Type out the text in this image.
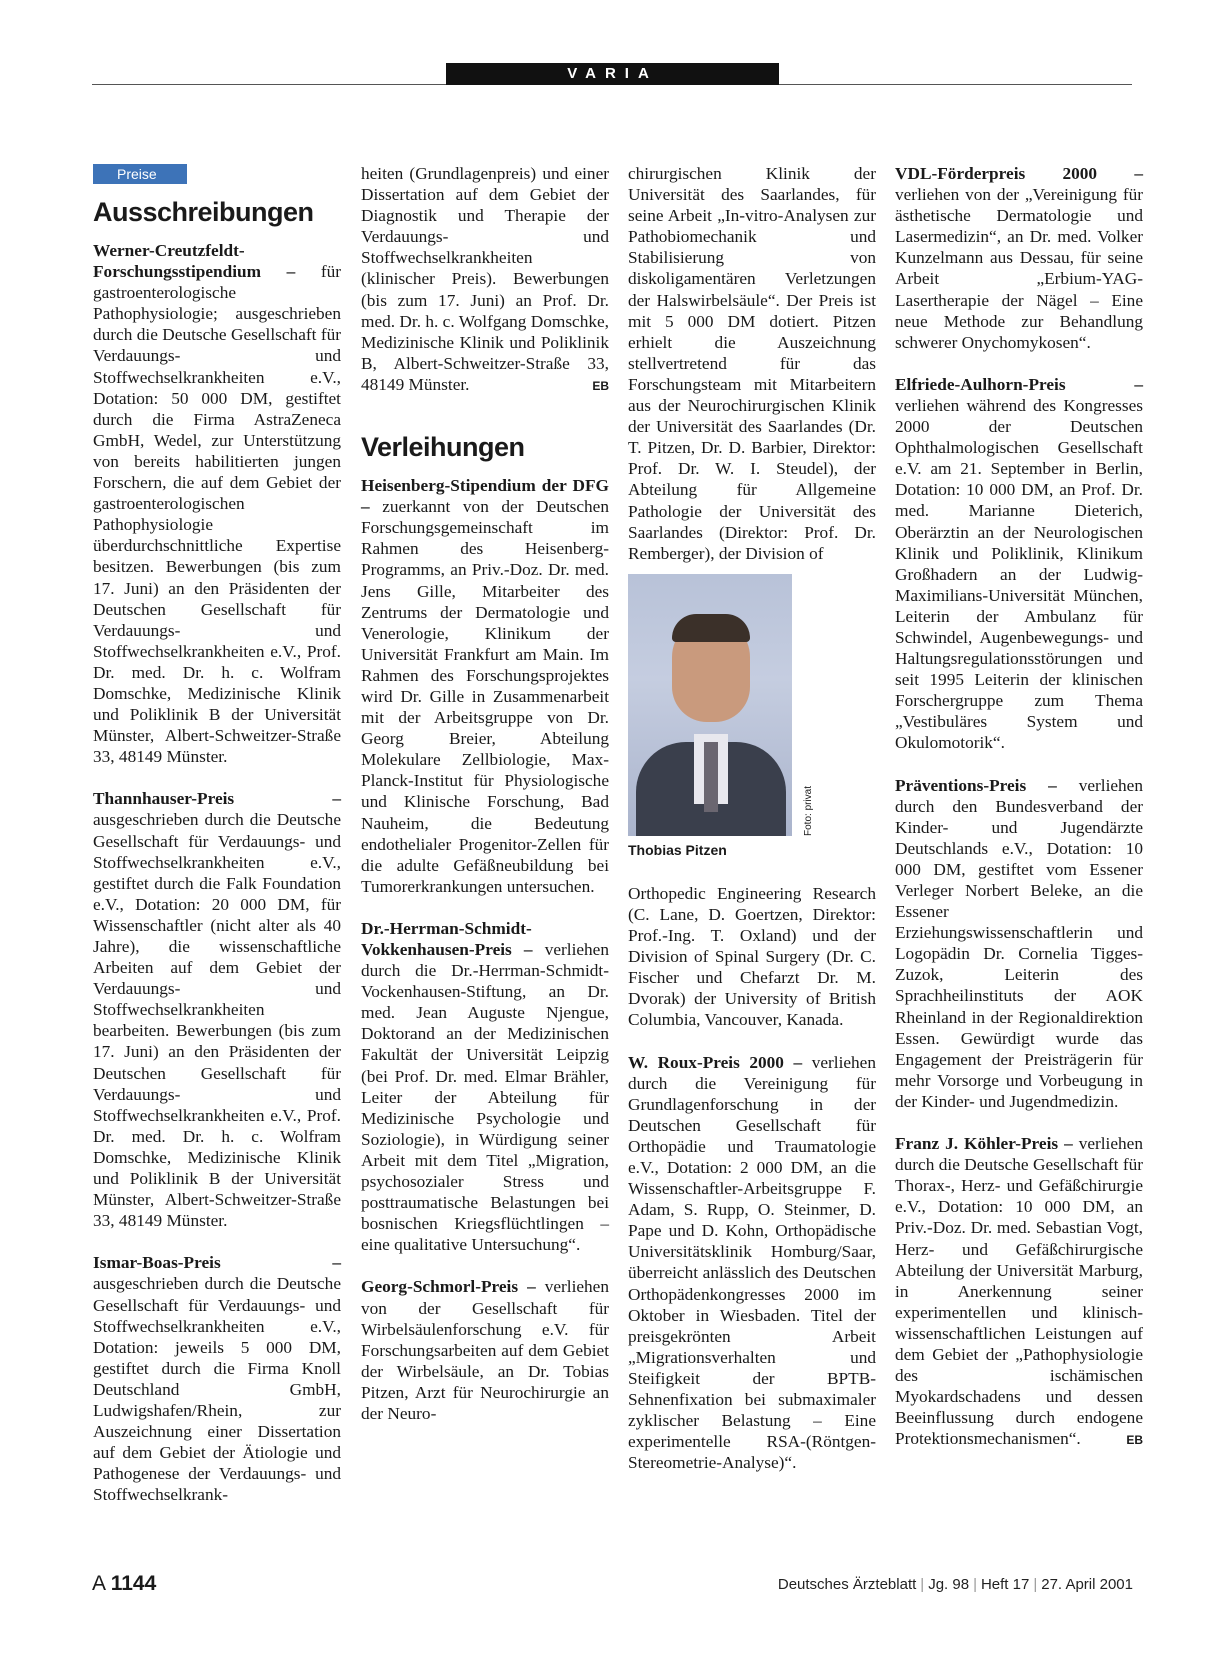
VARIA
Preise
Ausschreibungen

Werner-Creutzfeldt-Forschungsstipendium – für gastroenterologische Pathophysiologie; ausgeschrieben durch die Deutsche Gesellschaft für Verdauungs- und Stoffwechselkrankheiten e.V., Dotation: 50 000 DM, gestiftet durch die Firma AstraZeneca GmbH, Wedel, zur Unterstützung von bereits habilitierten jungen Forschern, die auf dem Gebiet der gastroenterologischen Pathophysiologie überdurchschnittliche Expertise besitzen. Bewerbungen (bis zum 17. Juni) an den Präsidenten der Deutschen Gesellschaft für Verdauungs- und Stoffwechselkrankheiten e.V., Prof. Dr. med. Dr. h. c. Wolfram Domschke, Medizinische Klinik und Poliklinik B der Universität Münster, Albert-Schweitzer-Straße 33, 48149 Münster.

Thannhauser-Preis – ausgeschrieben durch die Deutsche Gesellschaft für Verdauungs- und Stoffwechselkrankheiten e.V., gestiftet durch die Falk Foundation e.V., Dotation: 20 000 DM, für Wissenschaftler (nicht alter als 40 Jahre), die wissenschaftliche Arbeiten auf dem Gebiet der Verdauungs- und Stoffwechselkrankheiten bearbeiten. Bewerbungen (bis zum 17. Juni) an den Präsidenten der Deutschen Gesellschaft für Verdauungs- und Stoffwechselkrankheiten e.V., Prof. Dr. med. Dr. h. c. Wolfram Domschke, Medizinische Klinik und Poliklinik B der Universität Münster, Albert-Schweitzer-Straße 33, 48149 Münster.

Ismar-Boas-Preis – ausgeschrieben durch die Deutsche Gesellschaft für Verdauungs- und Stoffwechselkrankheiten e.V., Dotation: jeweils 5 000 DM, gestiftet durch die Firma Knoll Deutschland GmbH, Ludwigshafen/Rhein, zur Auszeichnung einer Dissertation auf dem Gebiet der Ätiologie und Pathogenese der Verdauungs- und Stoffwechselkrank-

heiten (Grundlagenpreis) und einer Dissertation auf dem Gebiet der Diagnostik und Therapie der Verdauungs- und Stoffwechselkrankheiten (klinischer Preis). Bewerbungen (bis zum 17. Juni) an Prof. Dr. med. Dr. h. c. Wolfgang Domschke, Medizinische Klinik und Poliklinik B, Albert-Schweitzer-Straße 33, 48149 Münster.	EB

Verleihungen

Heisenberg-Stipendium der DFG – zuerkannt von der Deutschen Forschungsgemeinschaft im Rahmen des Heisenberg-Programms, an Priv.-Doz. Dr. med. Jens Gille, Mitarbeiter des Zentrums der Dermatologie und Venerologie, Klinikum der Universität Frankfurt am Main. Im Rahmen des Forschungsprojektes wird Dr. Gille in Zusammenarbeit mit der Arbeitsgruppe von Dr. Georg Breier, Abteilung Molekulare Zellbiologie, Max-Planck-Institut für Physiologische und Klinische Forschung, Bad Nauheim, die Bedeutung endothelialer Progenitor-Zellen für die adulte Gefäßneubildung bei Tumorerkrankungen untersuchen.

Dr.-Herrman-Schmidt-Vokkenhausen-Preis – verliehen durch die Dr.-Herrman-Schmidt-Vockenhausen-Stiftung, an Dr. med. Jean Auguste Njengue, Doktorand an der Medizinischen Fakultät der Universität Leipzig (bei Prof. Dr. med. Elmar Brähler, Leiter der Abteilung für Medizinische Psychologie und Soziologie), in Würdigung seiner Arbeit mit dem Titel „Migration, psychosozialer Stress und posttraumatische Belastungen bei bosnischen Kriegsflüchtlingen – eine qualitative Untersuchung“.

Georg-Schmorl-Preis – verliehen von der Gesellschaft für Wirbelsäulenforschung e.V. für Forschungsarbeiten auf dem Gebiet der Wirbelsäule, an Dr. Tobias Pitzen, Arzt für Neurochirurgie an der Neuro-

chirurgischen Klinik der Universität des Saarlandes, für seine Arbeit „In-vitro-Analysen zur Pathobiomechanik und Stabilisierung von diskoligamentären Verletzungen der Halswirbelsäule“. Der Preis ist mit 5 000 DM dotiert. Pitzen erhielt die Auszeichnung stellvertretend für das Forschungsteam mit Mitarbeitern aus der Neurochirurgischen Klinik der Universität des Saarlandes (Dr. T. Pitzen, Dr. D. Barbier, Direktor: Prof. Dr. W. I. Steudel), der Abteilung für Allgemeine Pathologie der Universität des Saarlandes (Direktor: Prof. Dr. Remberger), der Division of

Foto: privat
Thobias Pitzen

Orthopedic Engineering Research (C. Lane, D. Goertzen, Direktor: Prof.-Ing. T. Oxland) und der Division of Spinal Surgery (Dr. C. Fischer und Chefarzt Dr. M. Dvorak) der University of British Columbia, Vancouver, Kanada.

W. Roux-Preis 2000 – verliehen durch die Vereinigung für Grundlagenforschung in der Deutschen Gesellschaft für Orthopädie und Traumatologie e.V., Dotation: 2 000 DM, an die Wissenschaftler-Arbeitsgruppe F. Adam, S. Rupp, O. Steinmer, D. Pape und D. Kohn, Orthopädische Universitätsklinik Homburg/Saar, überreicht anlässlich des Deutschen Orthopädenkongresses 2000 im Oktober in Wiesbaden. Titel der preisgekrönten Arbeit „Migrationsverhalten und Steifigkeit der BPTB-Sehnenfixation bei submaximaler zyklischer Belastung – Eine experimentelle RSA-(Röntgen-Stereometrie-Analyse)“.

VDL-Förderpreis 2000 – verliehen von der „Vereinigung für ästhetische Dermatologie und Lasermedizin“, an Dr. med. Volker Kunzelmann aus Dessau, für seine Arbeit „Erbium-YAG-Lasertherapie der Nägel – Eine neue Methode zur Behandlung schwerer Onychomykosen“.

Elfriede-Aulhorn-Preis – verliehen während des Kongresses 2000 der Deutschen Ophthalmologischen Gesellschaft e.V. am 21. September in Berlin, Dotation: 10 000 DM, an Prof. Dr. med. Marianne Dieterich, Oberärztin an der Neurologischen Klinik und Poliklinik, Klinikum Großhadern an der Ludwig-Maximilians-Universität München, Leiterin der Ambulanz für Schwindel, Augenbewegungs- und Haltungsregulationsstörungen und seit 1995 Leiterin der klinischen Forschergruppe zum Thema „Vestibuläres System und Okulomotorik“.

Präventions-Preis – verliehen durch den Bundesverband der Kinder- und Jugendärzte Deutschlands e.V., Dotation: 10 000 DM, gestiftet vom Essener Verleger Norbert Beleke, an die Essener Erziehungswissenschaftlerin und Logopädin Dr. Cornelia Tigges-Zuzok, Leiterin des Sprachheilinstituts der AOK Rheinland in der Regionaldirektion Essen. Gewürdigt wurde das Engagement der Preisträgerin für mehr Vorsorge und Vorbeugung in der Kinder- und Jugendmedizin.

Franz J. Köhler-Preis – verliehen durch die Deutsche Gesellschaft für Thorax-, Herz- und Gefäßchirurgie e.V., Dotation: 10 000 DM, an Priv.-Doz. Dr. med. Sebastian Vogt, Herz- und Gefäßchirurgische Abteilung der Universität Marburg, in Anerkennung seiner experimentellen und klinisch-wissenschaftlichen Leistungen auf dem Gebiet der „Pathophysiologie des ischämischen Myokardschadens und dessen Beeinflussung durch endogene Protektionsmechanismen“.	EB

A 1144	Deutsches Ärzteblatt | Jg. 98 | Heft 17 | 27. April 2001
